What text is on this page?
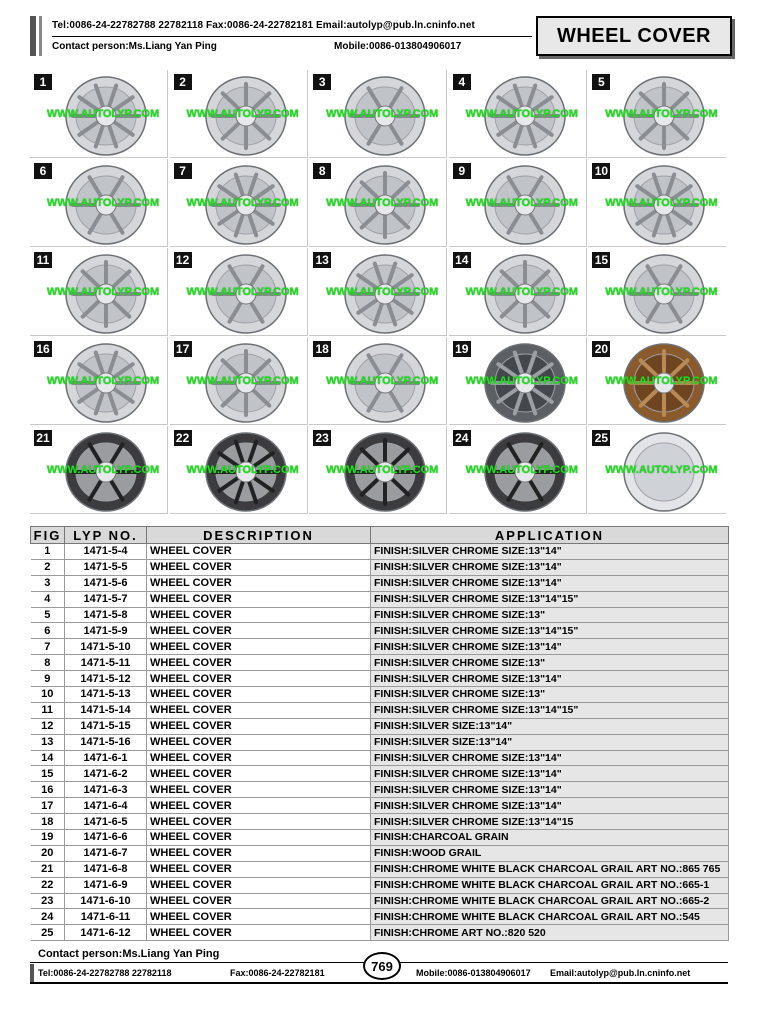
Tel:0086-24-22782788 22782118 Fax:0086-24-22782181 Email:autolyp@pub.ln.cninfo.net
Contact person:Ms.Liang Yan Ping	Mobile:0086-013804906017	WHEEL COVER
1
WWW.AUTOLYP.COM
2
WWW.AUTOLYP.COM
3
WWW.AUTOLYP.COM
4
WWW.AUTOLYP.COM
5
WWW.AUTOLYP.COM
6
WWW.AUTOLYP.COM
7
WWW.AUTOLYP.COM
8
WWW.AUTOLYP.COM
9
WWW.AUTOLYP.COM
10
WWW.AUTOLYP.COM
11
WWW.AUTOLYP.COM
12
WWW.AUTOLYP.COM
13
WWW.AUTOLYP.COM
14
WWW.AUTOLYP.COM
15
WWW.AUTOLYP.COM
16
WWW.AUTOLYP.COM
17
WWW.AUTOLYP.COM
18
WWW.AUTOLYP.COM
19
WWW.AUTOLYP.COM
20
WWW.AUTOLYP.COM
21
WWW.AUTOLYP.COM
22
WWW.AUTOLYP.COM
23
WWW.AUTOLYP.COM
24
WWW.AUTOLYP.COM
25
WWW.AUTOLYP.COM
FIG	LYP NO.	DESCRIPTION	APPLICATION
1	1471-5-4	WHEEL COVER	FINISH:SILVER CHROME SIZE:13"14"
2	1471-5-5	WHEEL COVER	FINISH:SILVER CHROME SIZE:13"14"
3	1471-5-6	WHEEL COVER	FINISH:SILVER CHROME SIZE:13"14"
4	1471-5-7	WHEEL COVER	FINISH:SILVER CHROME SIZE:13"14"15"
5	1471-5-8	WHEEL COVER	FINISH:SILVER CHROME SIZE:13"
6	1471-5-9	WHEEL COVER	FINISH:SILVER CHROME SIZE:13"14"15"
7	1471-5-10	WHEEL COVER	FINISH:SILVER CHROME SIZE:13"14"
8	1471-5-11	WHEEL COVER	FINISH:SILVER CHROME SIZE:13"
9	1471-5-12	WHEEL COVER	FINISH:SILVER CHROME SIZE:13"14"
10	1471-5-13	WHEEL COVER	FINISH:SILVER CHROME SIZE:13"
11	1471-5-14	WHEEL COVER	FINISH:SILVER CHROME SIZE:13"14"15"
12	1471-5-15	WHEEL COVER	FINISH:SILVER SIZE:13"14"
13	1471-5-16	WHEEL COVER	FINISH:SILVER SIZE:13"14"
14	1471-6-1	WHEEL COVER	FINISH:SILVER CHROME SIZE:13"14"
15	1471-6-2	WHEEL COVER	FINISH:SILVER CHROME SIZE:13"14"
16	1471-6-3	WHEEL COVER	FINISH:SILVER CHROME SIZE:13"14"
17	1471-6-4	WHEEL COVER	FINISH:SILVER CHROME SIZE:13"14"
18	1471-6-5	WHEEL COVER	FINISH:SILVER CHROME SIZE:13"14"15
19	1471-6-6	WHEEL COVER	FINISH:CHARCOAL GRAIN
20	1471-6-7	WHEEL COVER	FINISH:WOOD GRAIL
21	1471-6-8	WHEEL COVER	FINISH:CHROME WHITE BLACK CHARCOAL GRAIL ART NO.:865 765
22	1471-6-9	WHEEL COVER	FINISH:CHROME WHITE BLACK CHARCOAL GRAIL ART NO.:665-1
23	1471-6-10	WHEEL COVER	FINISH:CHROME WHITE BLACK CHARCOAL GRAIL ART NO.:665-2
24	1471-6-11	WHEEL COVER	FINISH:CHROME WHITE BLACK CHARCOAL GRAIL ART NO.:545
25	1471-6-12	WHEEL COVER	FINISH:CHROME ART NO.:820 520
Contact person:Ms.Liang Yan Ping
Tel:0086-24-22782788 22782118	Fax:0086-24-22782181	Mobile:0086-013804906017 Email:autolyp@pub.ln.cninfo.net
769
